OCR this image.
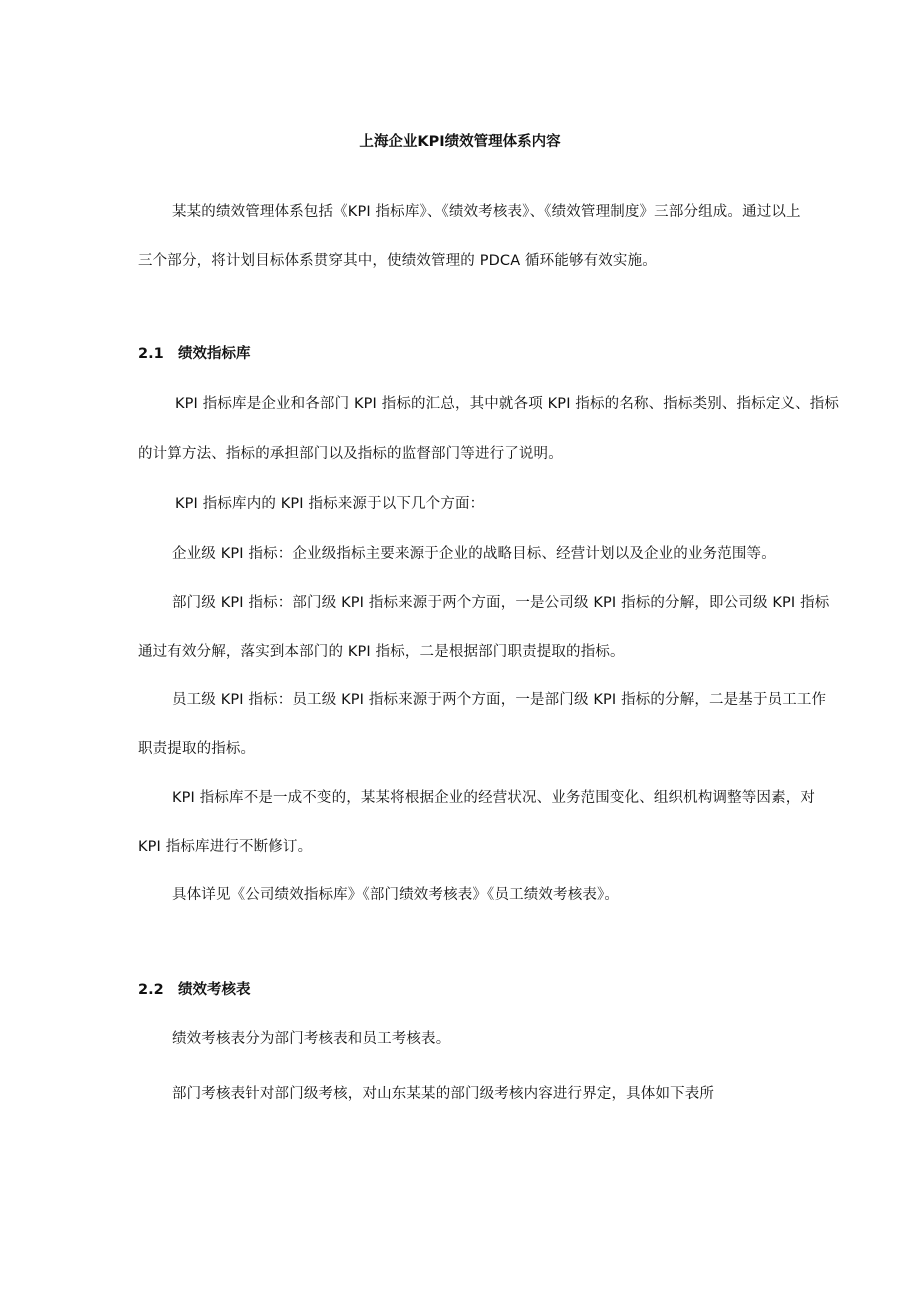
上海企业KPI绩效管理体系内容
某某的绩效管理体系包括《KPI 指标库》、《绩效考核表》、《绩效管理制度》三部分组成。通过以上
三个部分，将计划目标体系贯穿其中，使绩效管理的 PDCA 循环能够有效实施。
2.1 绩效指标库
KPI 指标库是企业和各部门 KPI 指标的汇总，其中就各项 KPI 指标的名称、指标类别、指标定义、指标
的计算方法、指标的承担部门以及指标的监督部门等进行了说明。
KPI 指标库内的 KPI 指标来源于以下几个方面：
企业级 KPI 指标：企业级指标主要来源于企业的战略目标、经营计划以及企业的业务范围等。
部门级 KPI 指标：部门级 KPI 指标来源于两个方面，一是公司级 KPI 指标的分解，即公司级 KPI 指标
通过有效分解，落实到本部门的 KPI 指标，二是根据部门职责提取的指标。
员工级 KPI 指标：员工级 KPI 指标来源于两个方面，一是部门级 KPI 指标的分解，二是基于员工工作
职责提取的指标。
KPI 指标库不是一成不变的，某某将根据企业的经营状况、业务范围变化、组织机构调整等因素，对
KPI 指标库进行不断修订。
具体详见《公司绩效指标库》《部门绩效考核表》《员工绩效考核表》。
2.2 绩效考核表
绩效考核表分为部门考核表和员工考核表。
部门考核表针对部门级考核，对山东某某的部门级考核内容进行界定，具体如下表所
